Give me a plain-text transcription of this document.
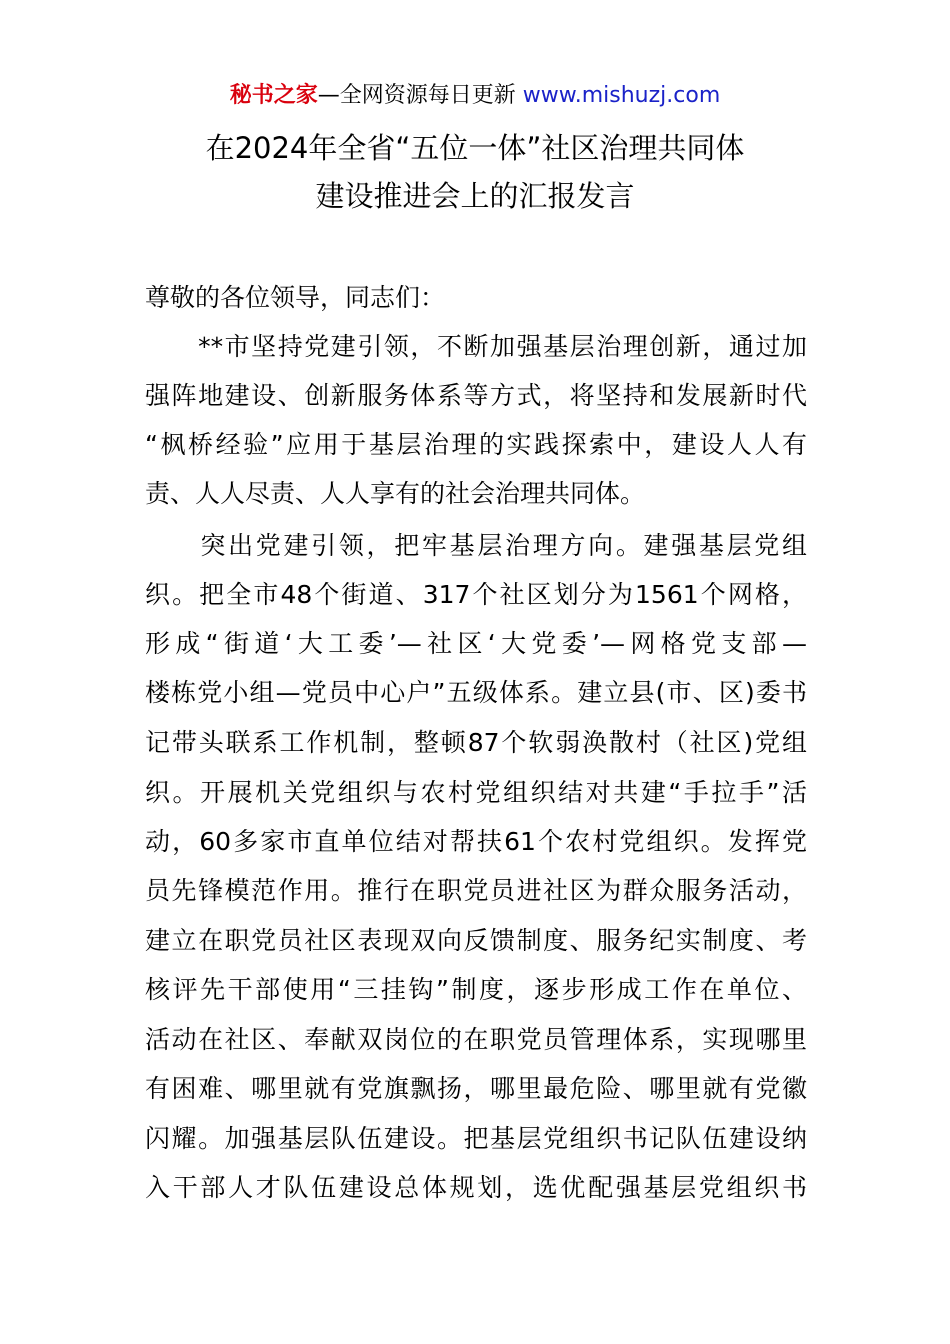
秘书之家—全网资源每日更新 www.mishuzj.com
在2024年全省“五位一体”社区治理共同体
建设推进会上的汇报发言
尊敬的各位领导，同志们：
　　**市坚持党建引领，不断加强基层治理创新，通过加
强阵地建设、创新服务体系等方式，将坚持和发展新时代
“枫桥经验”应用于基层治理的实践探索中，建设人人有
责、人人尽责、人人享有的社会治理共同体。
　　突出党建引领，把牢基层治理方向。建强基层党组
织。把全市48个街道、317个社区划分为1561个网格，
形成“街道‘大工委’—社区‘大党委’—网格党支部—
楼栋党小组—党员中心户”五级体系。建立县(市、区)委书
记带头联系工作机制，整顿87个软弱涣散村（社区)党组
织。开展机关党组织与农村党组织结对共建“手拉手”活
动，60多家市直单位结对帮扶61个农村党组织。发挥党
员先锋模范作用。推行在职党员进社区为群众服务活动，
建立在职党员社区表现双向反馈制度、服务纪实制度、考
核评先干部使用“三挂钩”制度，逐步形成工作在单位、
活动在社区、奉献双岗位的在职党员管理体系，实现哪里
有困难、哪里就有党旗飘扬，哪里最危险、哪里就有党徽
闪耀。加强基层队伍建设。把基层党组织书记队伍建设纳
入干部人才队伍建设总体规划，选优配强基层党组织书
